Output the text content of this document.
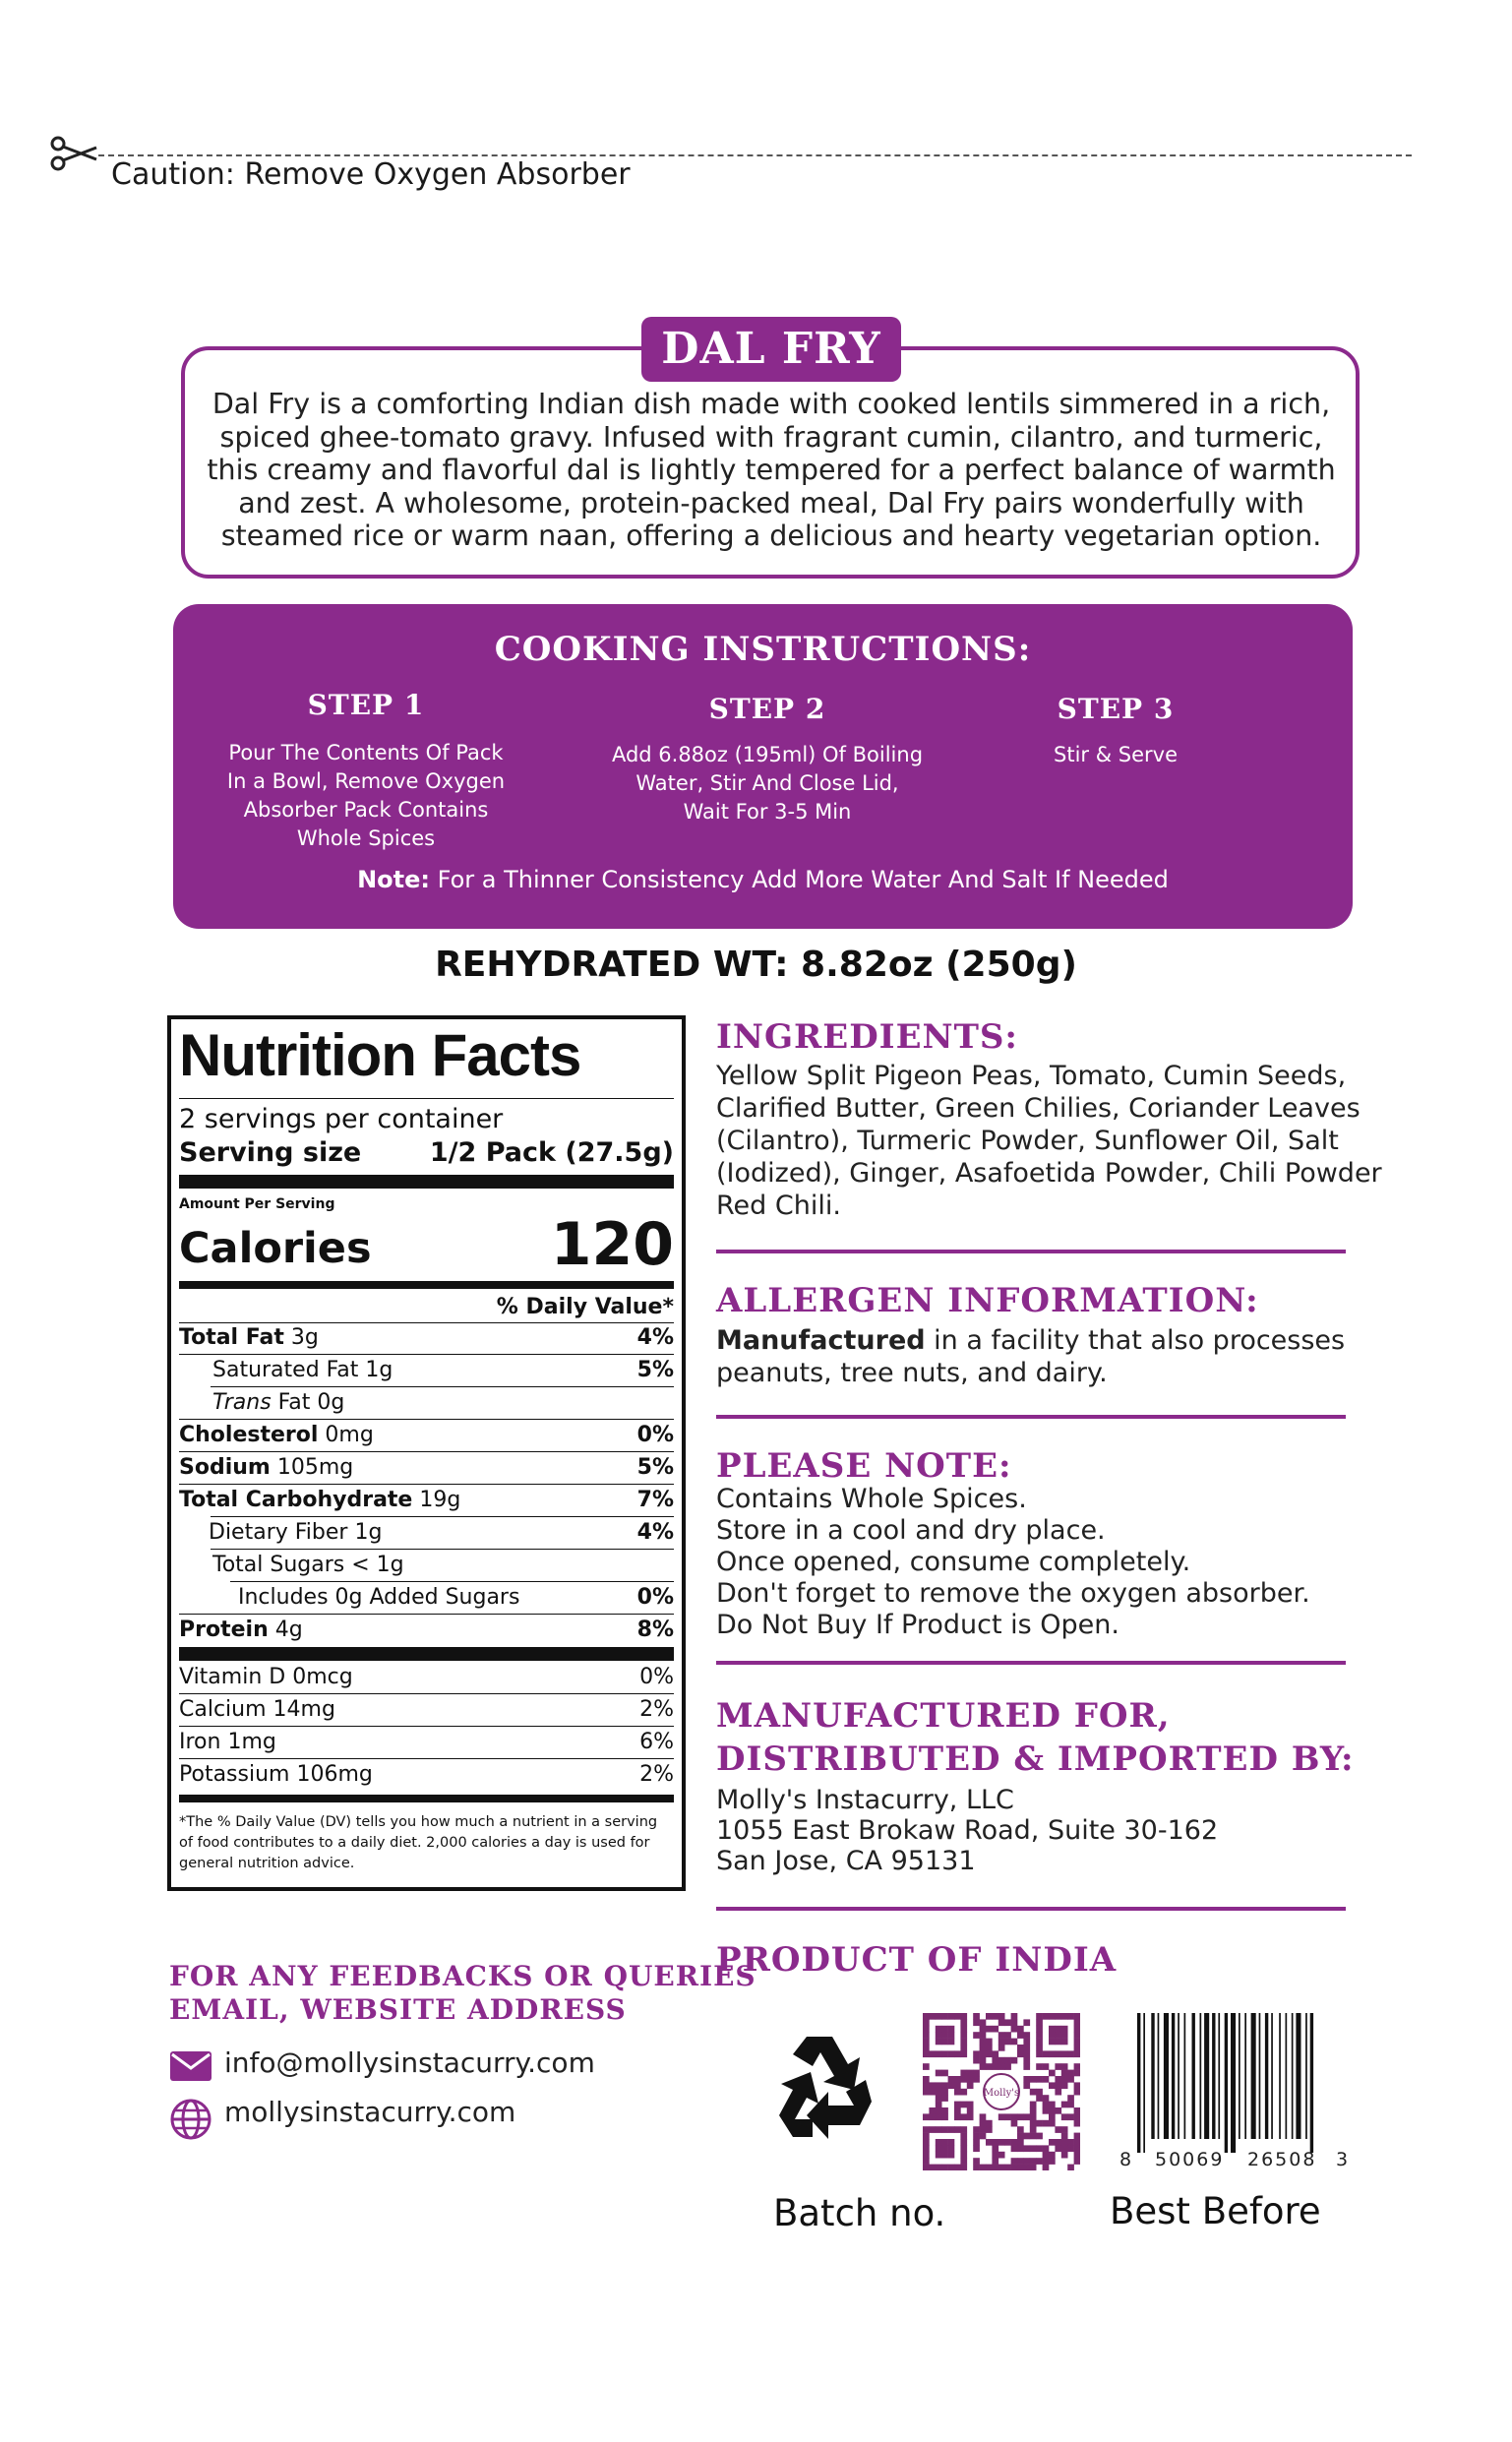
Caution: Remove Oxygen Absorber
DAL FRY
Dal Fry is a comforting Indian dish made with cooked lentils simmered in a rich, spiced ghee-tomato gravy. Infused with fragrant cumin, cilantro, and turmeric, this creamy and flavorful dal is lightly tempered for a perfect balance of warmth and zest. A wholesome, protein-packed meal, Dal Fry pairs wonderfully with steamed rice or warm naan, offering a delicious and hearty vegetarian option.
COOKING INSTRUCTIONS:
STEP 1
Pour The Contents Of Pack
In a Bowl, Remove Oxygen
Absorber Pack Contains
Whole Spices
STEP 2
Add 6.88oz (195ml) Of Boiling
Water, Stir And Close Lid,
Wait For 3-5 Min
STEP 3
Stir & Serve
Note: For a Thinner Consistency Add More Water And Salt If Needed
REHYDRATED WT: 8.82oz (250g)
Nutrition Facts
2 servings per container
Serving size	1/2 Pack (27.5g)
Amount Per Serving
Calories	120
% Daily Value*
Total Fat 3g	4%
Saturated Fat 1g	5%
Trans Fat 0g
Cholesterol 0mg	0%
Sodium 105mg	5%
Total Carbohydrate 19g	7%
Dietary Fiber 1g	4%
Total Sugars < 1g
Includes 0g Added Sugars	0%
Protein 4g	8%
Vitamin D 0mcg	0%
Calcium 14mg	2%
Iron 1mg	6%
Potassium 106mg	2%
*The % Daily Value (DV) tells you how much a nutrient in a serving of food contributes to a daily diet. 2,000 calories a day is used for general nutrition advice.
INGREDIENTS:
Yellow Split Pigeon Peas, Tomato, Cumin Seeds, Clarified Butter, Green Chilies, Coriander Leaves (Cilantro), Turmeric Powder, Sunflower Oil, Salt (Iodized), Ginger, Asafoetida Powder, Chili Powder Red Chili.
ALLERGEN INFORMATION:
Manufactured in a facility that also processes peanuts, tree nuts, and dairy.
PLEASE NOTE:
Contains Whole Spices.
Store in a cool and dry place.
Once opened, consume completely.
Don't forget to remove the oxygen absorber.
Do Not Buy If Product is Open.
MANUFACTURED FOR,
DISTRIBUTED & IMPORTED BY:
Molly's Instacurry, LLC
1055 East Brokaw Road, Suite 30-162
San Jose, CA 95131
PRODUCT OF INDIA
Molly's
8 50069 26508 3
Batch no.	Best Before
FOR ANY FEEDBACKS OR QUERIES
EMAIL, WEBSITE ADDRESS
info@mollysinstacurry.com
mollysinstacurry.com
